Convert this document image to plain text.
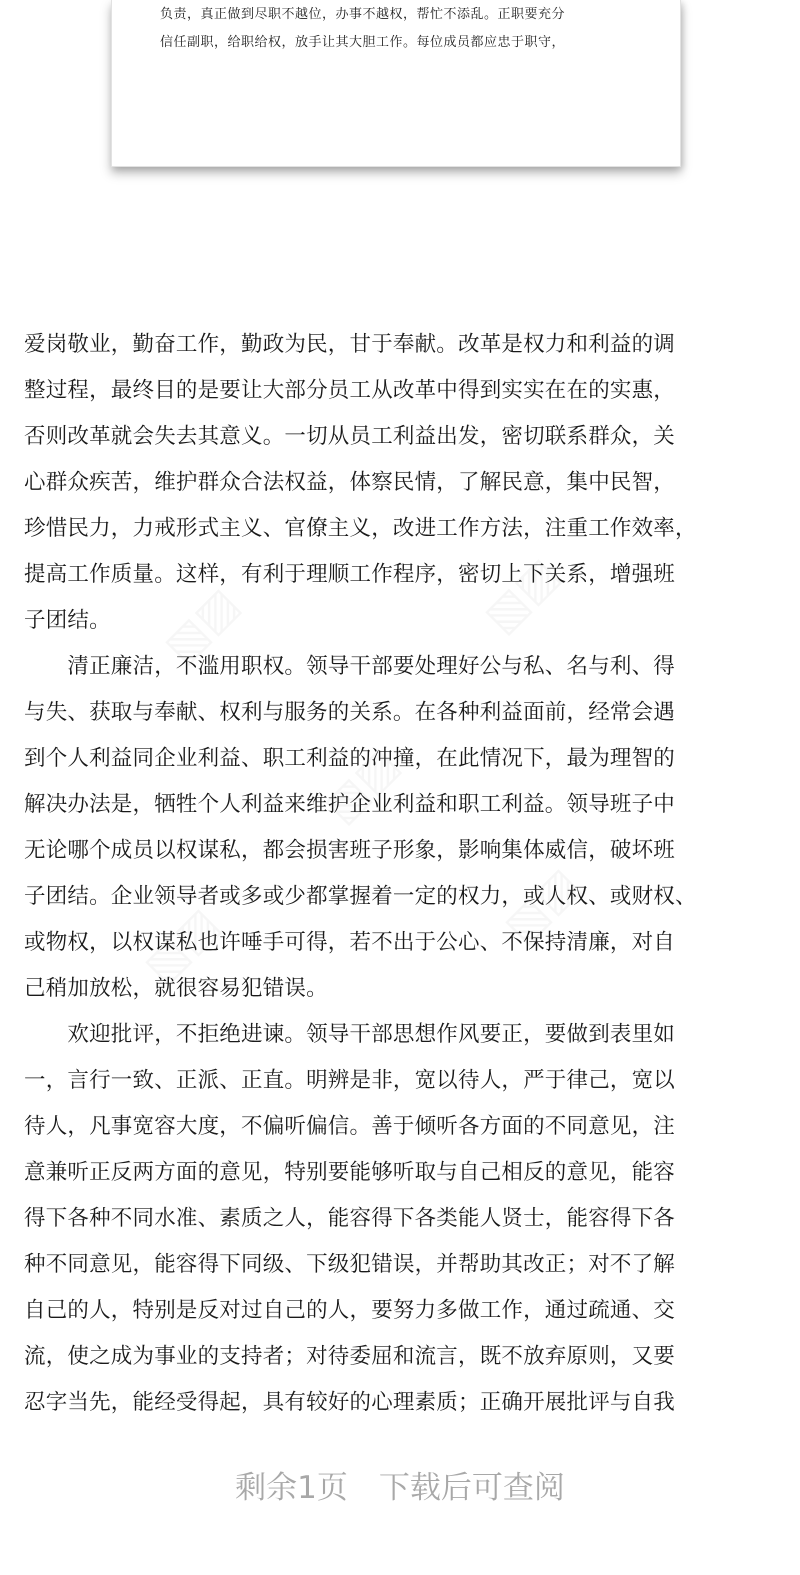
负责，真正做到尽职不越位，办事不越权，帮忙不添乱。正职要充分
信任副职，给职给权，放手让其大胆工作。每位成员都应忠于职守，
爱岗敬业，勤奋工作，勤政为民，甘于奉献。改革是权力和利益的调
整过程，最终目的是要让大部分员工从改革中得到实实在在的实惠，
否则改革就会失去其意义。一切从员工利益出发，密切联系群众，关
心群众疾苦，维护群众合法权益，体察民情，了解民意，集中民智，
珍惜民力，力戒形式主义、官僚主义，改进工作方法，注重工作效率，
提高工作质量。这样，有利于理顺工作程序，密切上下关系，增强班
子团结。
　　清正廉洁，不滥用职权。领导干部要处理好公与私、名与利、得
与失、获取与奉献、权利与服务的关系。在各种利益面前，经常会遇
到个人利益同企业利益、职工利益的冲撞，在此情况下，最为理智的
解决办法是，牺牲个人利益来维护企业利益和职工利益。领导班子中
无论哪个成员以权谋私，都会损害班子形象，影响集体威信，破坏班
子团结。企业领导者或多或少都掌握着一定的权力，或人权、或财权、
或物权，以权谋私也许唾手可得，若不出于公心、不保持清廉，对自
己稍加放松，就很容易犯错误。
　　欢迎批评，不拒绝进谏。领导干部思想作风要正，要做到表里如
一，言行一致、正派、正直。明辨是非，宽以待人，严于律己，宽以
待人，凡事宽容大度，不偏听偏信。善于倾听各方面的不同意见，注
意兼听正反两方面的意见，特别要能够听取与自己相反的意见，能容
得下各种不同水准、素质之人，能容得下各类能人贤士，能容得下各
种不同意见，能容得下同级、下级犯错误，并帮助其改正；对不了解
自己的人，特别是反对过自己的人，要努力多做工作，通过疏通、交
流，使之成为事业的支持者；对待委屈和流言，既不放弃原则，又要
忍字当先，能经受得起，具有较好的心理素质；正确开展批评与自我
剩余1页　下载后可查阅
